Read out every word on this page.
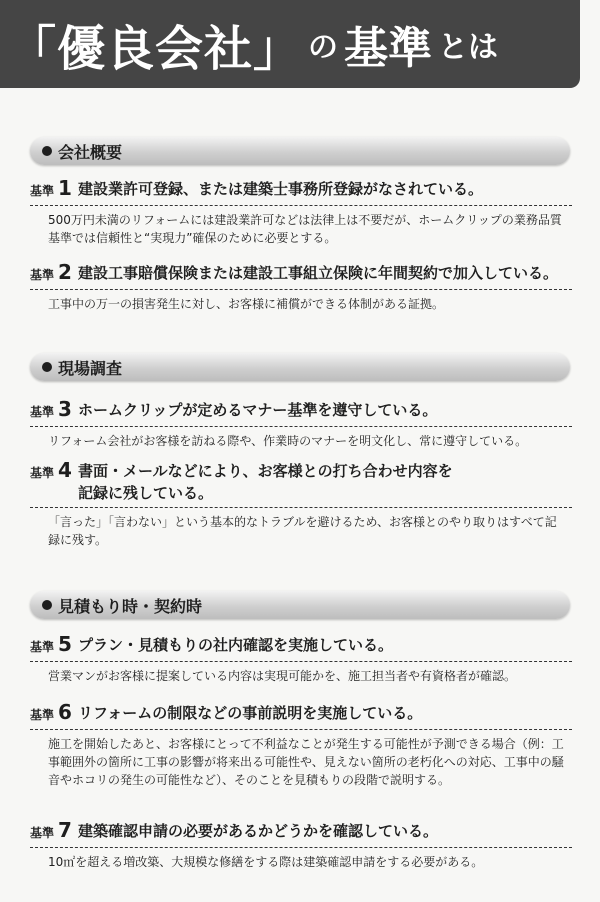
「優良会社」 の 基準 とは
会社概要
基準 1 建設業許可登録、または建築士事務所登録がなされている。
500万円未満のリフォームには建設業許可などは法律上は不要だが、ホームクリップの業務品質基準では信頼性と“実現力”確保のために必要とする。
基準 2 建設工事賠償保険または建設工事組立保険に年間契約で加入している。
工事中の万一の損害発生に対し、お客様に補償ができる体制がある証拠。
現場調査
基準 3 ホームクリップが定めるマナー基準を遵守している。
リフォーム会社がお客様を訪ねる際や、作業時のマナーを明文化し、常に遵守している。
基準 4 書面・メールなどにより、お客様との打ち合わせ内容を記録に残している。
「言った」「言わない」という基本的なトラブルを避けるため、お客様とのやり取りはすべて記録に残す。
見積もり時・契約時
基準 5 プラン・見積もりの社内確認を実施している。
営業マンがお客様に提案している内容は実現可能かを、施工担当者や有資格者が確認。
基準 6 リフォームの制限などの事前説明を実施している。
施工を開始したあと、お客様にとって不利益なことが発生する可能性が予測できる場合（例：工事範囲外の箇所に工事の影響が将来出る可能性や、見えない箇所の老朽化への対応、工事中の騒音やホコリの発生の可能性など）、そのことを見積もりの段階で説明する。
基準 7 建築確認申請の必要があるかどうかを確認している。
10㎡を超える増改築、大規模な修繕をする際は建築確認申請をする必要がある。
